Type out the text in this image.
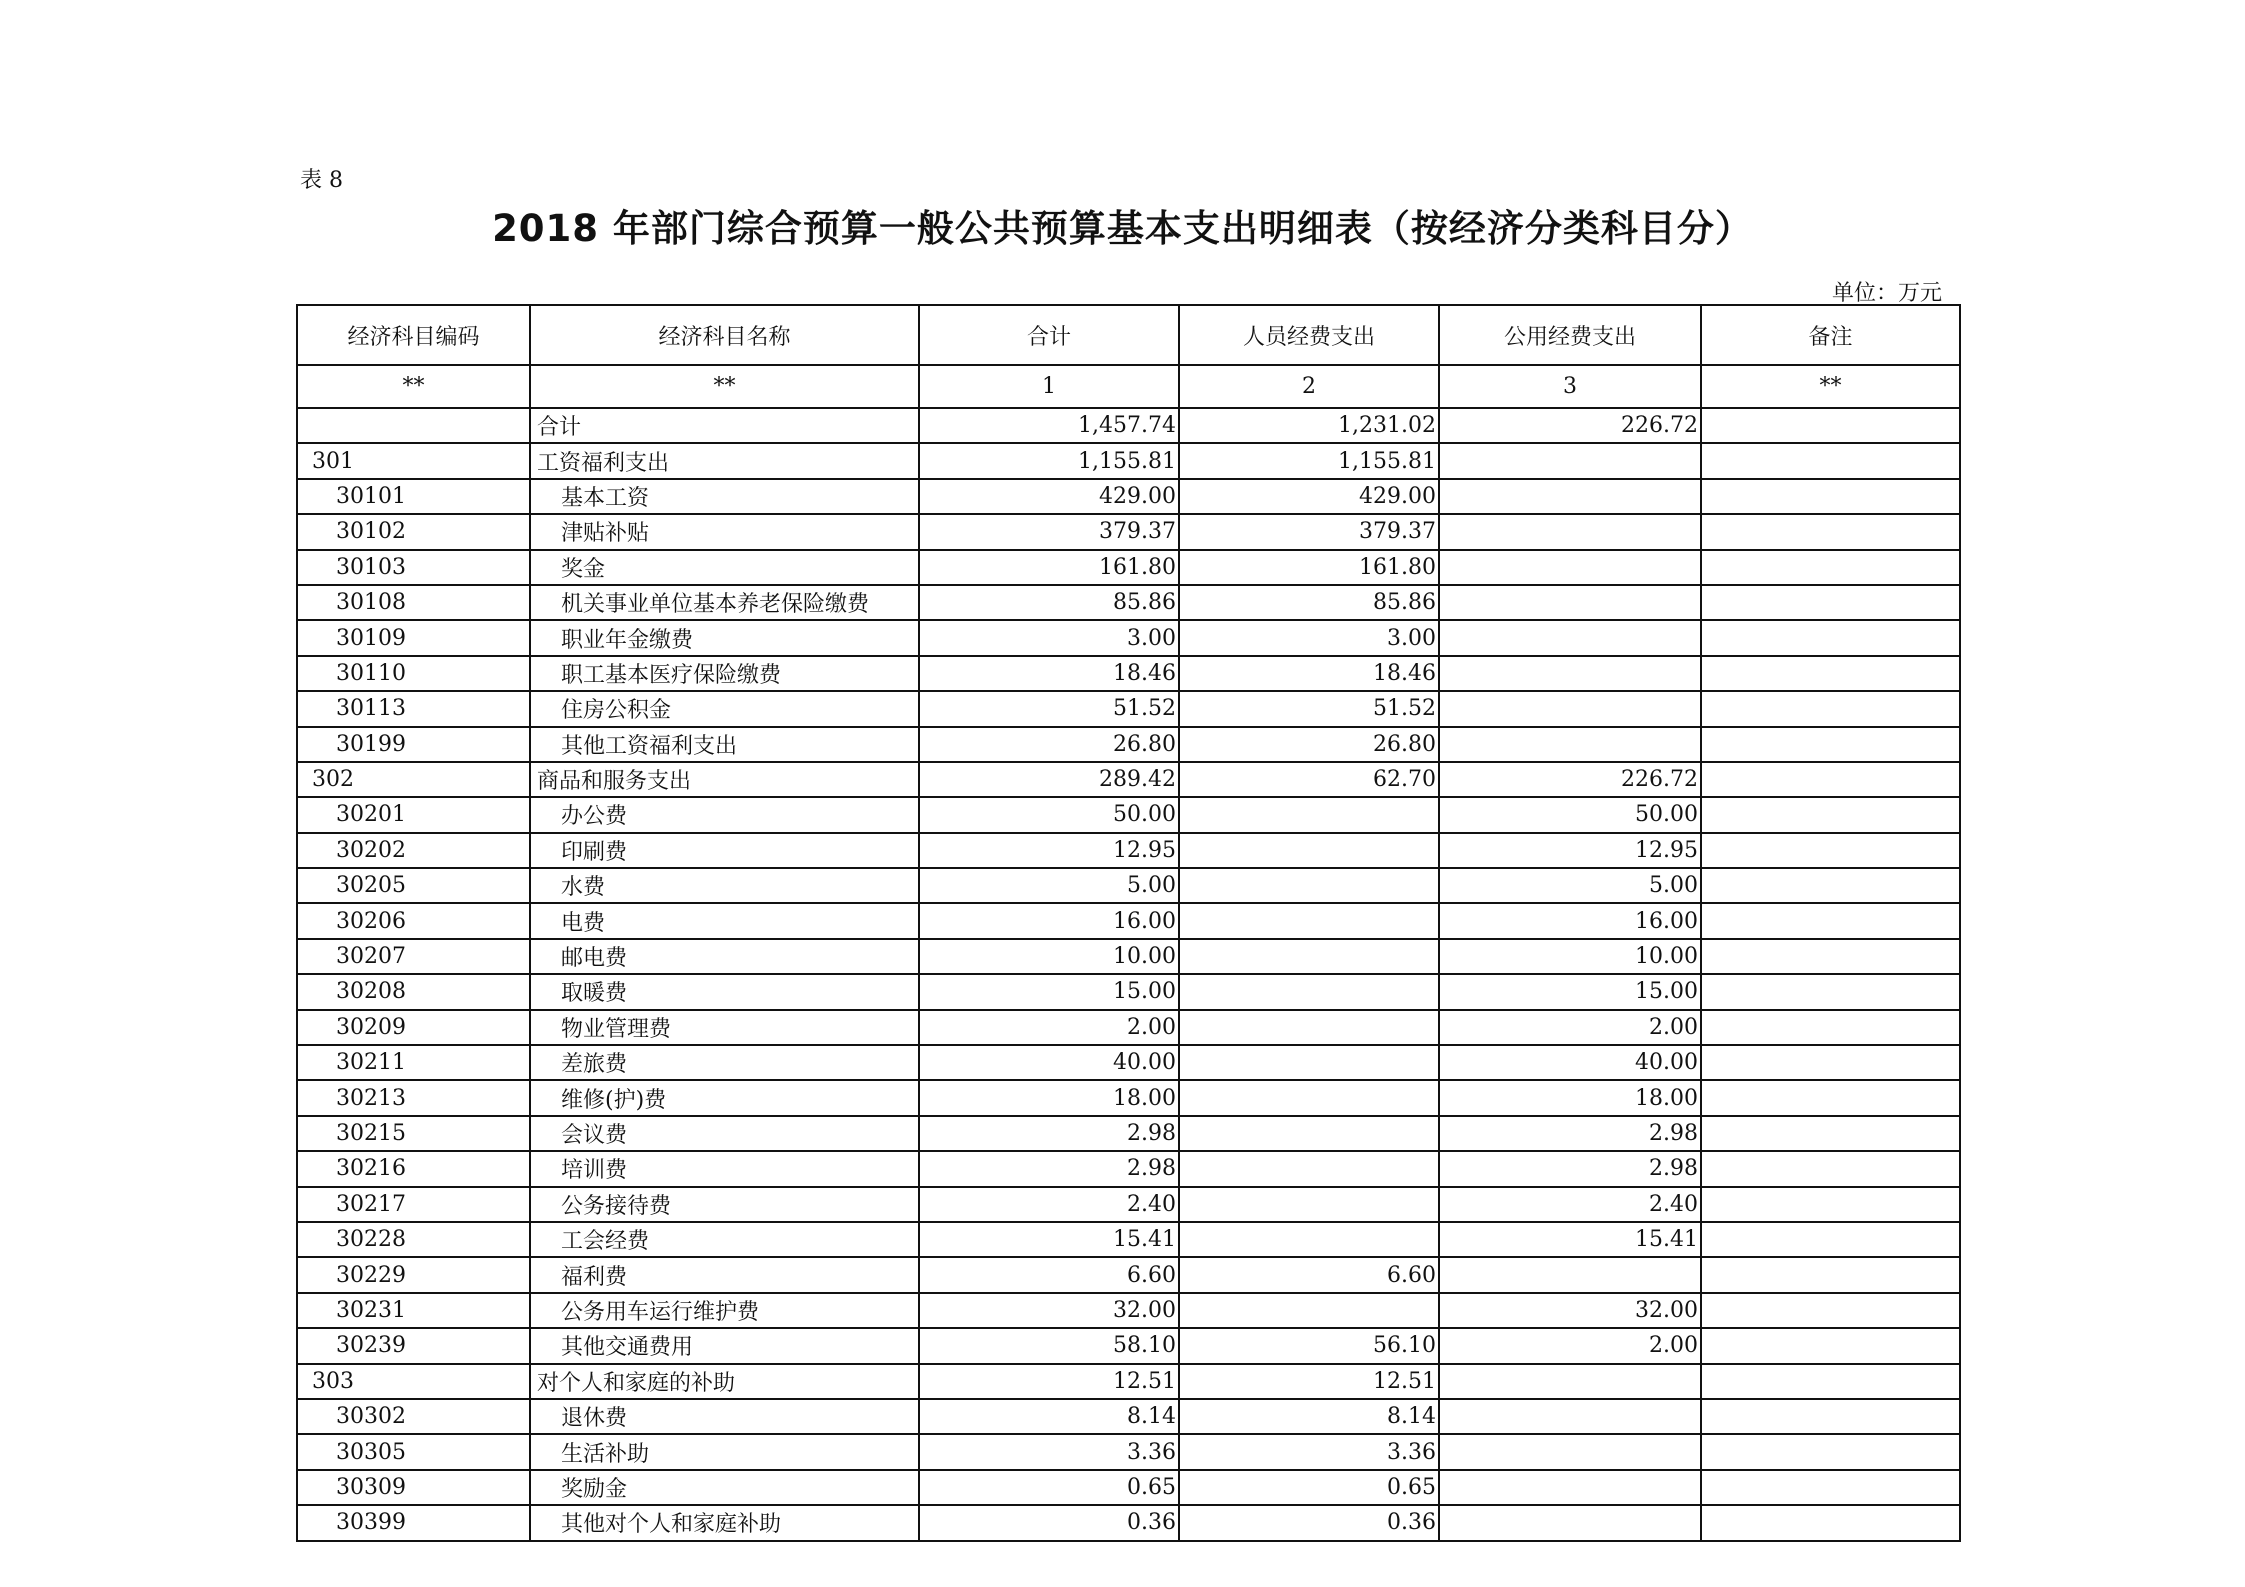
表 8
2018 年部门综合预算一般公共预算基本支出明细表（按经济分类科目分）
单位：万元
经济科目编码	经济科目名称	合计	人员经费支出	公用经费支出	备注
**	**	1	2	3	**
	合计	1,457.74	1,231.02	226.72	
301	工资福利支出	1,155.81	1,155.81		
30101	基本工资	429.00	429.00		
30102	津贴补贴	379.37	379.37		
30103	奖金	161.80	161.80		
30108	机关事业单位基本养老保险缴费	85.86	85.86		
30109	职业年金缴费	3.00	3.00		
30110	职工基本医疗保险缴费	18.46	18.46		
30113	住房公积金	51.52	51.52		
30199	其他工资福利支出	26.80	26.80		
302	商品和服务支出	289.42	62.70	226.72	
30201	办公费	50.00		50.00	
30202	印刷费	12.95		12.95	
30205	水费	5.00		5.00	
30206	电费	16.00		16.00	
30207	邮电费	10.00		10.00	
30208	取暖费	15.00		15.00	
30209	物业管理费	2.00		2.00	
30211	差旅费	40.00		40.00	
30213	维修(护)费	18.00		18.00	
30215	会议费	2.98		2.98	
30216	培训费	2.98		2.98	
30217	公务接待费	2.40		2.40	
30228	工会经费	15.41		15.41	
30229	福利费	6.60	6.60		
30231	公务用车运行维护费	32.00		32.00	
30239	其他交通费用	58.10	56.10	2.00	
303	对个人和家庭的补助	12.51	12.51		
30302	退休费	8.14	8.14		
30305	生活补助	3.36	3.36		
30309	奖励金	0.65	0.65		
30399	其他对个人和家庭补助	0.36	0.36		
